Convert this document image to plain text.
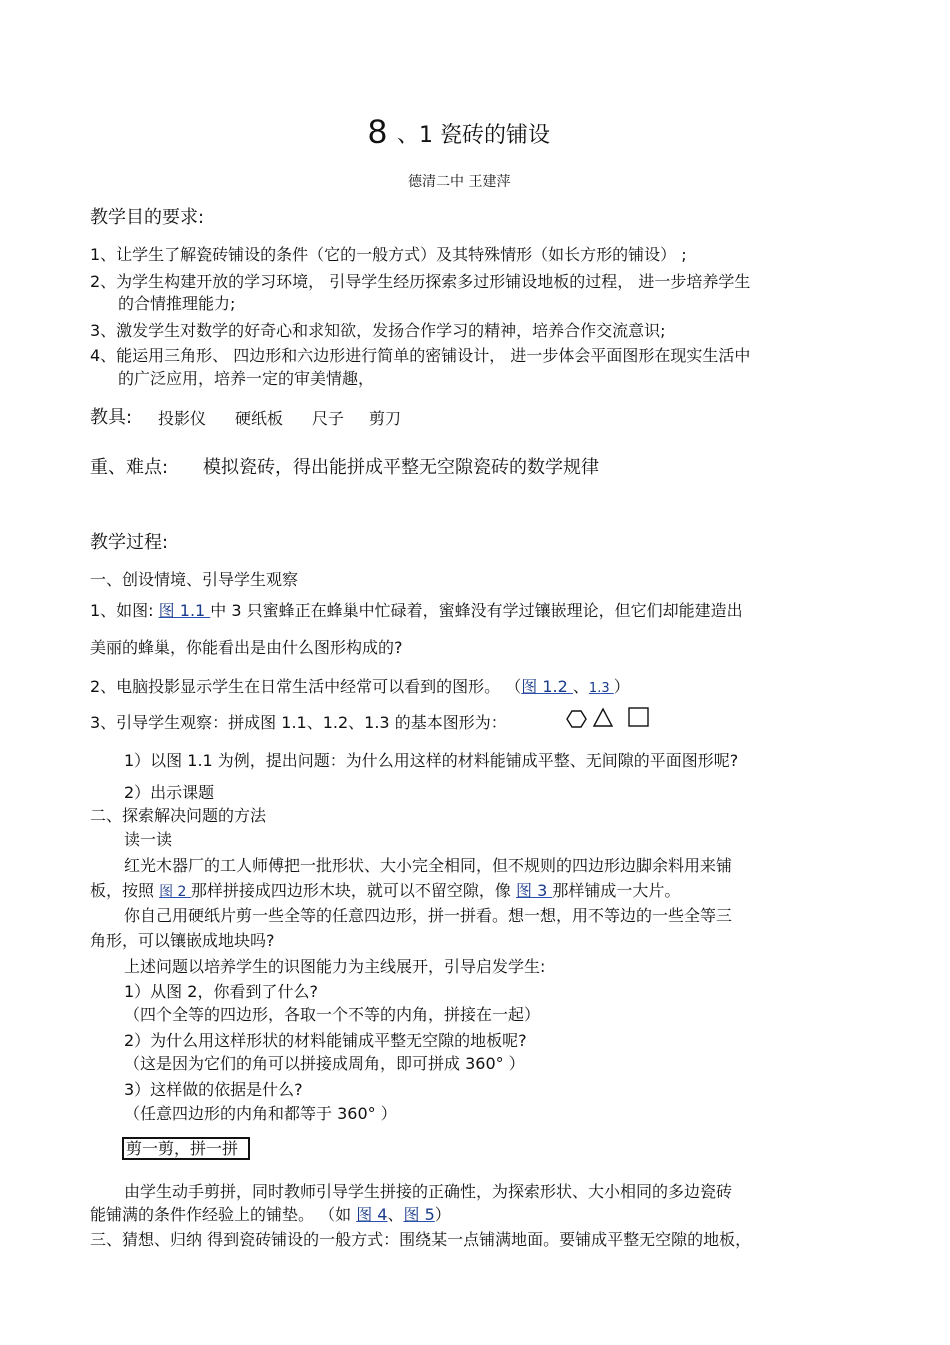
8 、1 瓷砖的铺设
德清二中 王建萍
教学目的要求:
1、让学生了解瓷砖铺设的条件（它的一般方式）及其特殊情形（如长方形的铺设） ;
2、为学生构建开放的学习环境， 引导学生经历探索多过形铺设地板的过程， 进一步培养学生
的合情推理能力;
3、激发学生对数学的好奇心和求知欲，发扬合作学习的精神，培养合作交流意识;
4、能运用三角形、 四边形和六边形进行简单的密铺设计， 进一步体会平面图形在现实生活中
的广泛应用，培养一定的审美情趣，
教具: 投影仪 硬纸板 尺子 剪刀
重、难点: 模拟瓷砖，得出能拼成平整无空隙瓷砖的数学规律
教学过程:
一、创设情境、引导学生观察
1、如图: 图 1.1 中 3 只蜜蜂正在蜂巢中忙碌着，蜜蜂没有学过镶嵌理论，但它们却能建造出
美丽的蜂巢，你能看出是由什么图形构成的?
2、电脑投影显示学生在日常生活中经常可以看到的图形。 （图 1.2 、1.3 ）
3、引导学生观察：拼成图 1.1、1.2、1.3 的基本图形为：
1）以图 1.1 为例，提出问题：为什么用这样的材料能铺成平整、无间隙的平面图形呢?
2）出示课题
二、探索解决问题的方法
读一读
红光木器厂的工人师傅把一批形状、大小完全相同，但不规则的四边形边脚余料用来铺
板，按照 图 2 那样拼接成四边形木块，就可以不留空隙，像 图 3 那样铺成一大片。
你自己用硬纸片剪一些全等的任意四边形，拼一拼看。想一想，用不等边的一些全等三
角形，可以镶嵌成地块吗?
上述问题以培养学生的识图能力为主线展开，引导启发学生:
1）从图 2，你看到了什么?
（四个全等的四边形，各取一个不等的内角，拼接在一起）
2）为什么用这样形状的材料能铺成平整无空隙的地板呢?
（这是因为它们的角可以拼接成周角，即可拼成 360° ）
3）这样做的依据是什么?
（任意四边形的内角和都等于 360° ）
剪一剪，拼一拼
由学生动手剪拼，同时教师引导学生拼接的正确性，为探索形状、大小相同的多边瓷砖
能铺满的条件作经验上的铺垫。 （如 图 4、图 5）
三、猜想、归纳 得到瓷砖铺设的一般方式：围绕某一点铺满地面。要铺成平整无空隙的地板，
